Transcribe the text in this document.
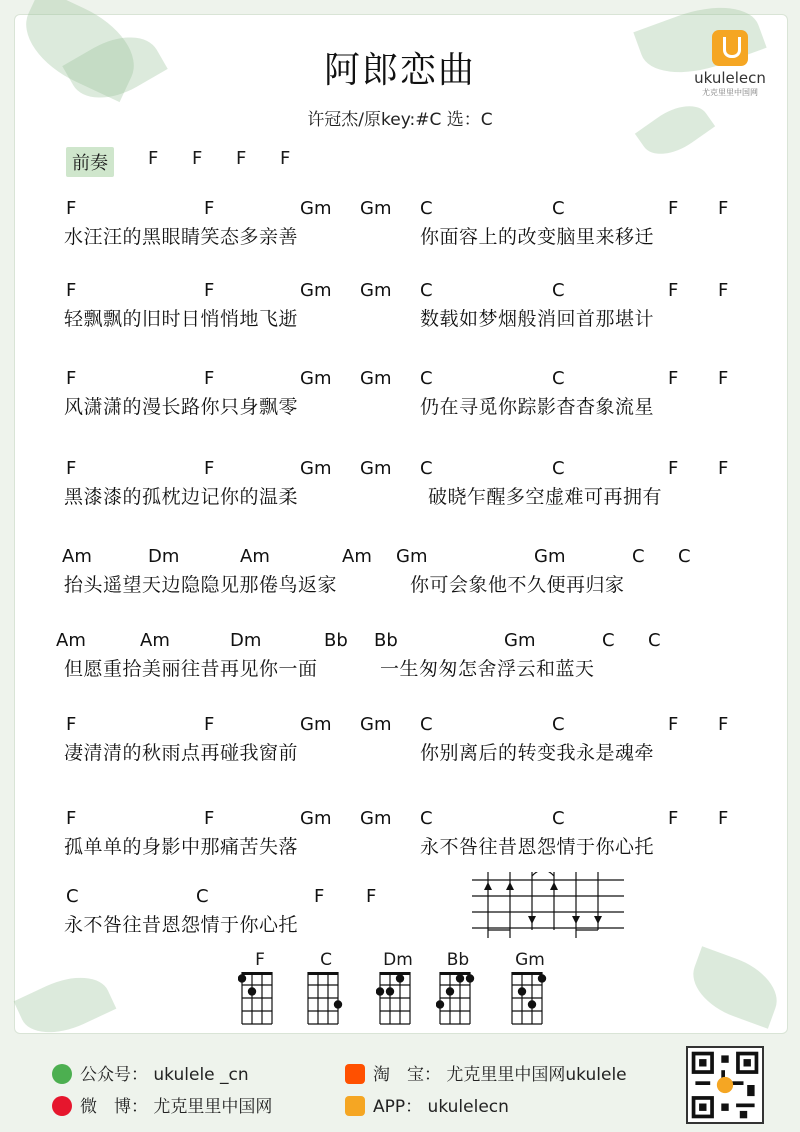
阿郎恋曲
许冠杰/原key:#C 选：C
ukulelecn
尤克里里中国网
前奏	F F F F
F	F	Gm Gm C	C	F F
水汪汪的黑眼睛笑态多亲善	你面容上的改变脑里来移迁
F	F	Gm Gm C	C	F F
轻飘飘的旧时日悄悄地飞逝	数载如梦烟般消回首那堪计
F	F	Gm Gm C	C	F F
风潇潇的漫长路你只身飘零	仍在寻觅你踪影杳杳象流星
F	F	Gm Gm C	C	F F
黑漆漆的孤枕边记你的温柔	破晓乍醒多空虚难可再拥有
Am	Dm	Am	Am Gm	Gm	C C
抬头遥望天边隐隐见那倦鸟返家	你可会象他不久便再归家
Am	Am	Dm	Bb Bb	Gm	C C
但愿重拾美丽往昔再见你一面	一生匆匆怎舍浮云和蓝天
F	F	Gm Gm C	C	F F
凄清清的秋雨点再碰我窗前	你别离后的转变我永是魂牵
F	F	Gm Gm C	C	F F
孤单单的身影中那痛苦失落	永不咎往昔恩怨情于你心托
C	C	F F
永不咎往昔恩怨情于你心托
F	C	Dm	Bb	Gm
公众号： ukulele _cn
微　博： 尤克里里中国网
淘　宝： 尤克里里中国网ukulele
APP： ukulelecn
